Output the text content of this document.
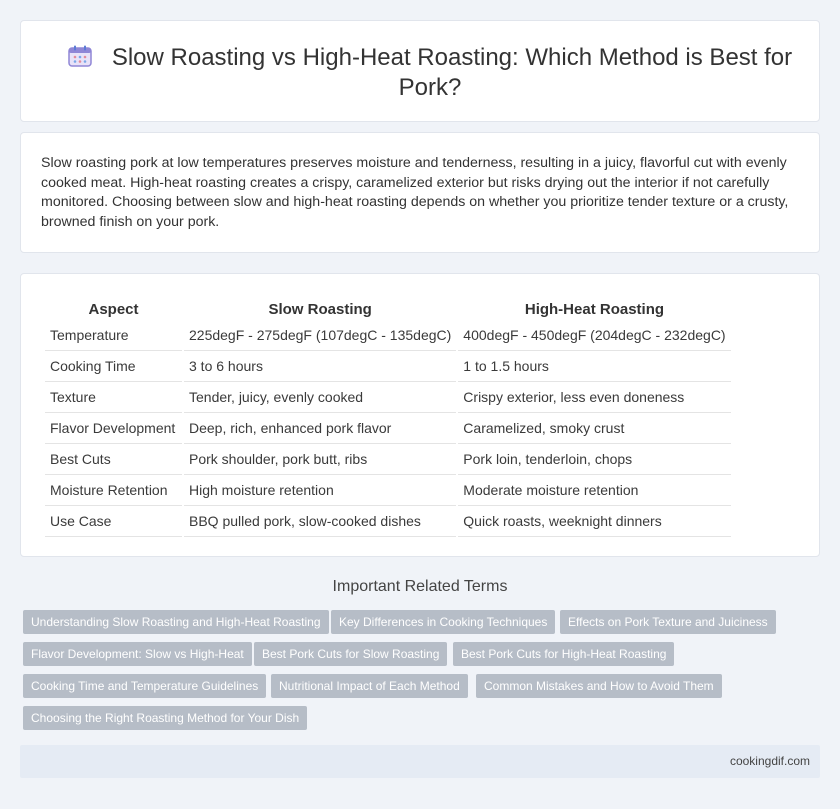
Slow Roasting vs High-Heat Roasting: Which Method is Best for Pork?

Slow roasting pork at low temperatures preserves moisture and tenderness, resulting in a juicy, flavorful cut with evenly cooked meat. High-heat roasting creates a crispy, caramelized exterior but risks drying out the interior if not carefully monitored. Choosing between slow and high-heat roasting depends on whether you prioritize tender texture or a crusty, browned finish on your pork.

Aspect	Slow Roasting	High-Heat Roasting
Temperature	225degF - 275degF (107degC - 135degC)	400degF - 450degF (204degC - 232degC)
Cooking Time	3 to 6 hours	1 to 1.5 hours
Texture	Tender, juicy, evenly cooked	Crispy exterior, less even doneness
Flavor Development	Deep, rich, enhanced pork flavor	Caramelized, smoky crust
Best Cuts	Pork shoulder, pork butt, ribs	Pork loin, tenderloin, chops
Moisture Retention	High moisture retention	Moderate moisture retention
Use Case	BBQ pulled pork, slow-cooked dishes	Quick roasts, weeknight dinners
Important Related Terms
Understanding Slow Roasting and High-Heat Roasting	Key Differences in Cooking Techniques	Effects on Pork Texture and Juiciness
Flavor Development: Slow vs High-Heat	Best Pork Cuts for Slow Roasting	Best Pork Cuts for High-Heat Roasting
Cooking Time and Temperature Guidelines	Nutritional Impact of Each Method	Common Mistakes and How to Avoid Them
Choosing the Right Roasting Method for Your Dish
cookingdif.com
